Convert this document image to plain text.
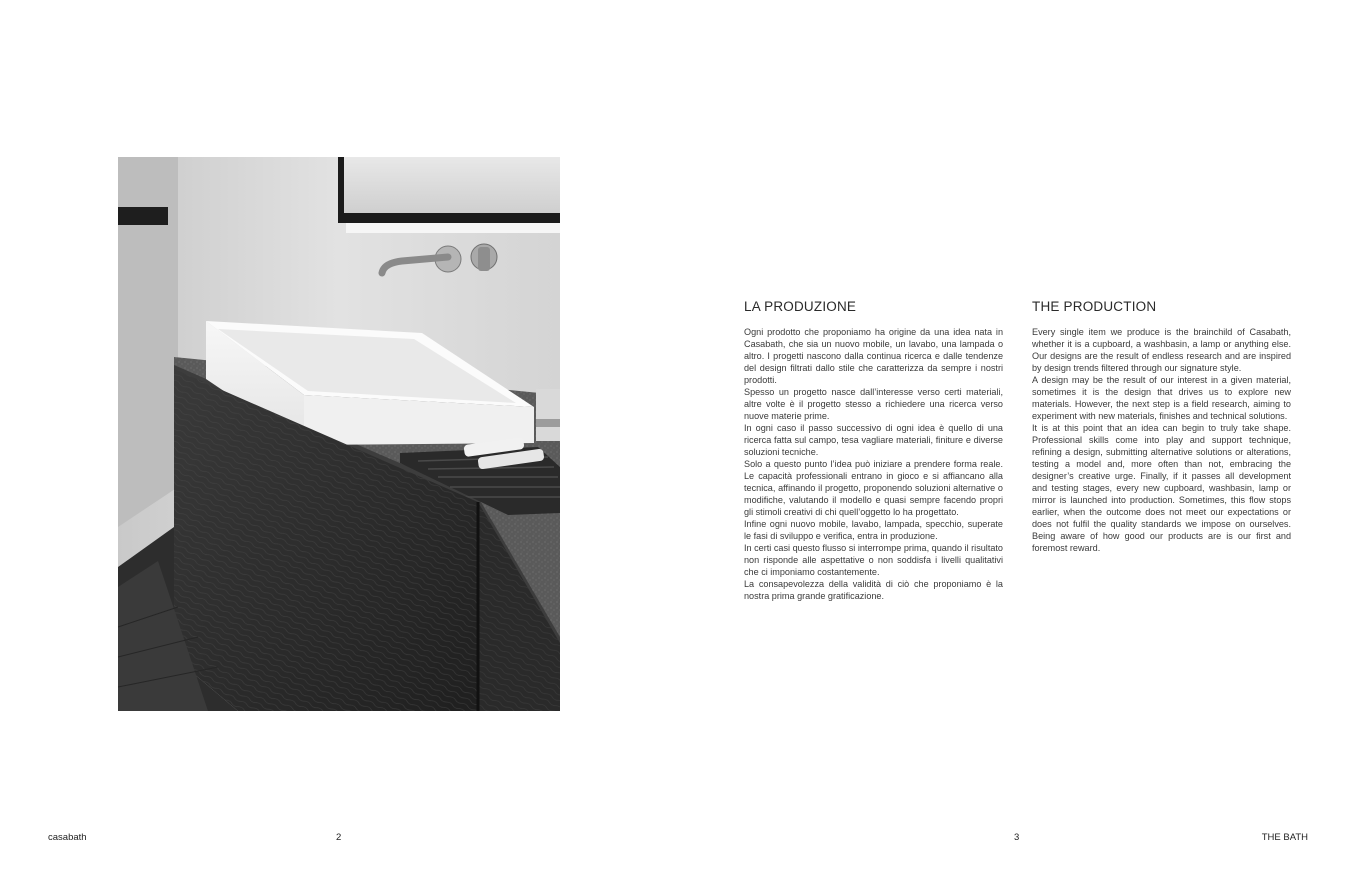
LA PRODUZIONE

Ogni prodotto che proponiamo ha origine da una idea nata in Casabath, che sia un nuovo mobile, un lavabo, una lampada o altro. I progetti nascono dalla continua ricerca e dalle tendenze del design filtrati dallo stile che caratterizza da sempre i nostri prodotti.

Spesso un progetto nasce dall’interesse verso certi materiali, altre volte è il progetto stesso a richiedere una ricerca verso nuove materie prime.

In ogni caso il passo successivo di ogni idea è quello di una ricerca fatta sul campo, tesa vagliare materiali, finiture e diverse soluzioni tecniche.

Solo a questo punto l’idea può iniziare a prendere forma reale. Le capacità professionali entrano in gioco e si affiancano alla tecnica, affinando il progetto, proponendo soluzioni alternative o modifiche, valutando il modello e quasi sempre facendo propri gli stimoli creativi di chi quell’oggetto lo ha progettato.

Infine ogni nuovo mobile, lavabo, lampada, specchio, superate le fasi di sviluppo e verifica, entra in produzione.

In certi casi questo flusso si interrompe prima, quando il risultato non risponde alle aspettative o non soddisfa i livelli qualitativi che ci imponiamo costantemente.

La consapevolezza della validità di ciò che proponiamo è la nostra prima grande gratificazione.

THE PRODUCTION

Every single item we produce is the brainchild of Casabath, whether it is a cupboard, a washbasin, a lamp or anything else. Our designs are the result of endless research and are inspired by design trends filtered through our signature style.

A design may be the result of our interest in a given material, sometimes it is the design that drives us to explore new materials. However, the next step is a field research, aiming to experiment with new materials, finishes and technical solutions.

It is at this point that an idea can begin to truly take shape. Professional skills come into play and support technique, refining a design, submitting alternative solutions or alterations, testing a model and, more often than not, embracing the designer’s creative urge. Finally, if it passes all development and testing stages, every new cupboard, washbasin, lamp or mirror is launched into production. Sometimes, this flow stops earlier, when the outcome does not meet our expectations or does not fulfil the quality standards we impose on ourselves. Being aware of how good our products are is our first and foremost reward.

casabath	2	3	THE BATH
